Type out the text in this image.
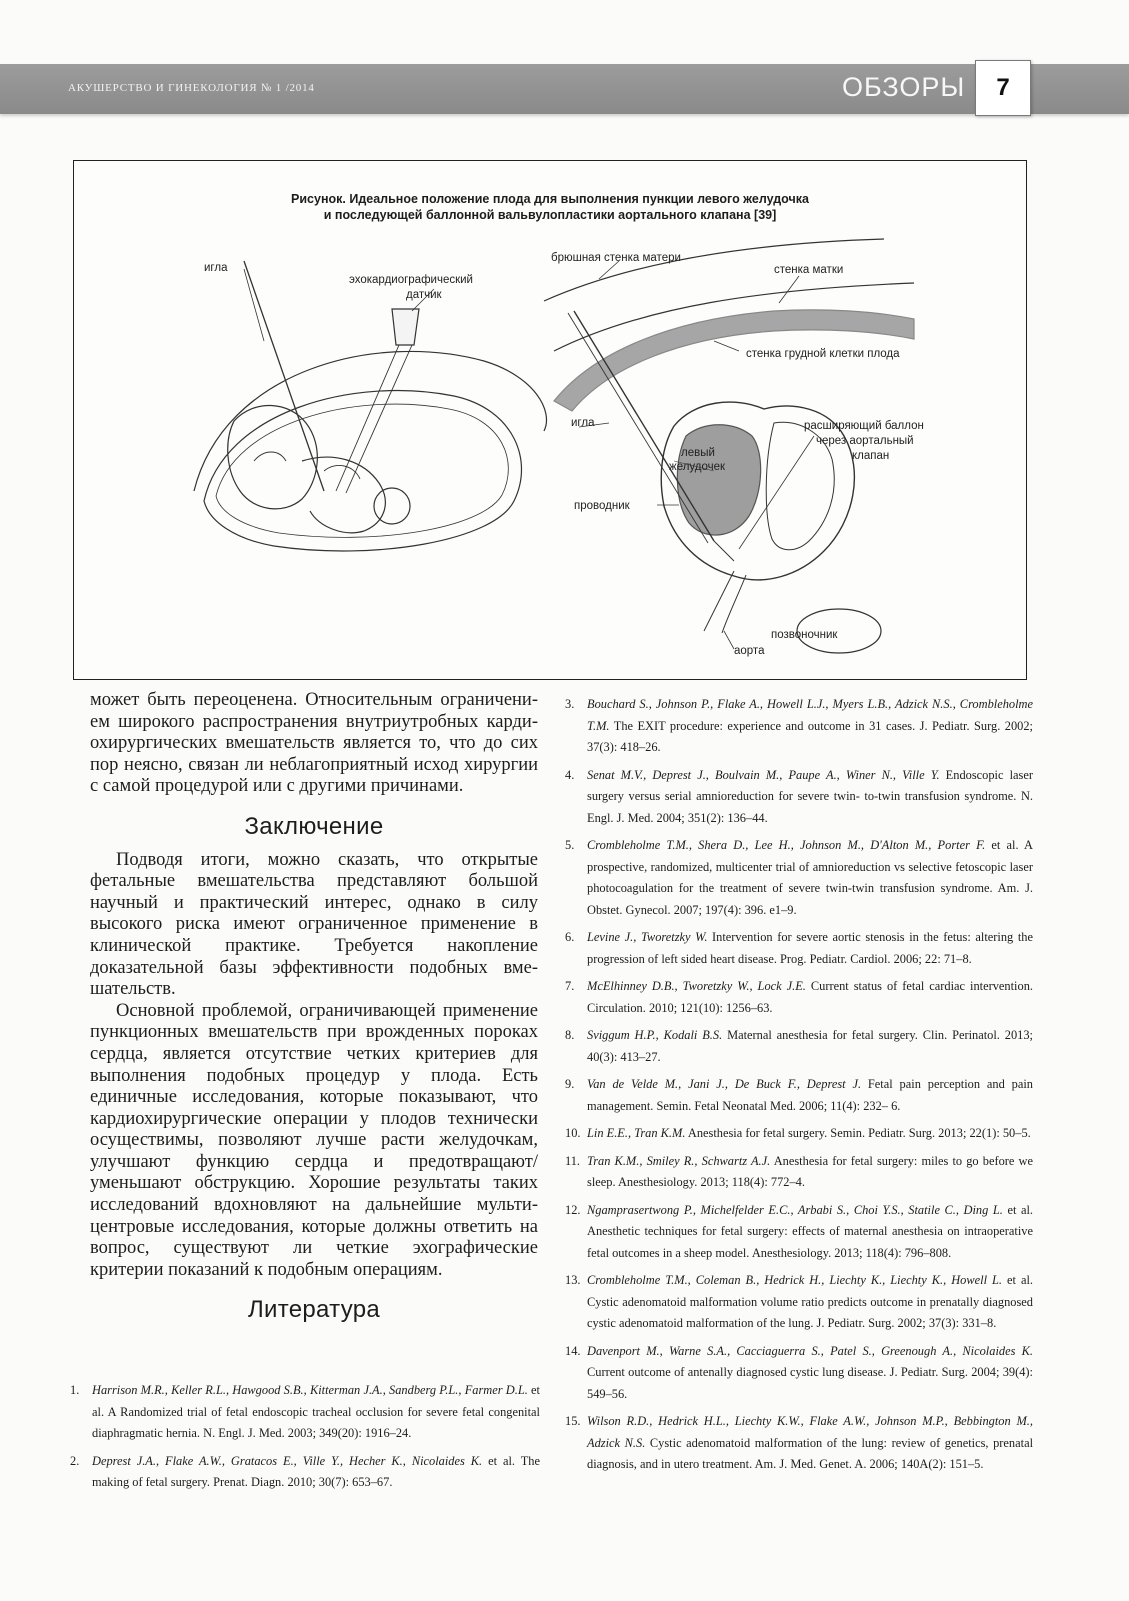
АКУШЕРСТВО И ГИНЕКОЛОГИЯ № 1 /2014	ОБЗОРЫ	7
Рисунок. Идеальное положение плода для выполнения пункции левого желудочка
и последующей баллонной вальвулопластики аортального клапана [39]
игла
эхокардиографический
датчик
брюшная стенка матери
стенка матки
стенка грудной клетки плода
игла	расширяющий баллон
через аортальный
клапан
левый
желудочек
проводник
позвоночник
аорта

может быть переоценена. Относительным ограничением широкого распространения внутриутробных кардиохирургических вмешательств является то, что до сих пор неясно, связан ли неблагоприятный исход хирургии с самой процедурой или с другими причинами.

Заключение

Подводя итоги, можно сказать, что открытые фетальные вмешательства представляют большой научный и практический интерес, однако в силу высокого риска имеют ограниченное применение в клинической практике. Требуется накопление доказательной базы эффективности подобных вмешательств.

Основной проблемой, ограничивающей применение пункционных вмешательств при врожденных пороках сердца, является отсутствие четких критериев для выполнения подобных процедур у плода. Есть единичные исследования, которые показывают, что кардиохирургические операции у плодов технически осуществимы, позволяют лучше расти желудочкам, улучшают функцию сердца и предотвращают/ уменьшают обструкцию. Хорошие результаты таких исследований вдохновляют на дальнейшие мультицентровые исследования, которые должны ответить на вопрос, существуют ли четкие эхографические критерии показаний к подобным операциям.

Литература
1. Harrison M.R., Keller R.L., Hawgood S.B., Kitterman J.A., Sandberg P.L., Farmer D.L. et al. A Randomized trial of fetal endoscopic tracheal occlusion for severe fetal congenital diaphragmatic hernia. N. Engl. J. Med. 2003; 349(20): 1916–24.
2. Deprest J.A., Flake A.W., Gratacos E., Ville Y., Hecher K., Nicolaides K. et al. The making of fetal surgery. Prenat. Diagn. 2010; 30(7): 653–67.
3. Bouchard S., Johnson P., Flake A., Howell L.J., Myers L.B., Adzick N.S., Crombleholme T.M. The EXIT procedure: experience and outcome in 31 cases. J. Pediatr. Surg. 2002; 37(3): 418–26.
4. Senat M.V., Deprest J., Boulvain M., Paupe A., Winer N., Ville Y. Endoscopic laser surgery versus serial amnioreduction for severe twin- to-twin transfusion syndrome. N. Engl. J. Med. 2004; 351(2): 136–44.
5. Crombleholme T.M., Shera D., Lee H., Johnson M., D'Alton M., Porter F. et al. A prospective, randomized, multicenter trial of amnioreduction vs selective fetoscopic laser photocoagulation for the treatment of severe twin-twin transfusion syndrome. Am. J. Obstet. Gynecol. 2007; 197(4): 396. e1–9.
6. Levine J., Tworetzky W. Intervention for severe aortic stenosis in the fetus: altering the progression of left sided heart disease. Prog. Pediatr. Cardiol. 2006; 22: 71–8.
7. McElhinney D.B., Tworetzky W., Lock J.E. Current status of fetal cardiac intervention. Circulation. 2010; 121(10): 1256–63.
8. Sviggum H.P., Kodali B.S. Maternal anesthesia for fetal surgery. Clin. Perinatol. 2013; 40(3): 413–27.
9. Van de Velde M., Jani J., De Buck F., Deprest J. Fetal pain perception and pain management. Semin. Fetal Neonatal Med. 2006; 11(4): 232– 6.
10. Lin E.E., Tran K.M. Anesthesia for fetal surgery. Semin. Pediatr. Surg. 2013; 22(1): 50–5.
11. Tran K.M., Smiley R., Schwartz A.J. Anesthesia for fetal surgery: miles to go before we sleep. Anesthesiology. 2013; 118(4): 772–4.
12. Ngamprasertwong P., Michelfelder E.C., Arbabi S., Choi Y.S., Statile C., Ding L. et al. Anesthetic techniques for fetal surgery: effects of maternal anesthesia on intraoperative fetal outcomes in a sheep model. Anesthesiology. 2013; 118(4): 796–808.
13. Crombleholme T.M., Coleman B., Hedrick H., Liechty K., Liechty K., Howell L. et al. Cystic adenomatoid malformation volume ratio predicts outcome in prenatally diagnosed cystic adenomatoid malformation of the lung. J. Pediatr. Surg. 2002; 37(3): 331–8.
14. Davenport M., Warne S.A., Cacciaguerra S., Patel S., Greenough A., Nicolaides K. Current outcome of antenally diagnosed cystic lung disease. J. Pediatr. Surg. 2004; 39(4): 549–56.
15. Wilson R.D., Hedrick H.L., Liechty K.W., Flake A.W., Johnson M.P., Bebbington M., Adzick N.S. Cystic adenomatoid malformation of the lung: review of genetics, prenatal diagnosis, and in utero treatment. Am. J. Med. Genet. A. 2006; 140A(2): 151–5.
